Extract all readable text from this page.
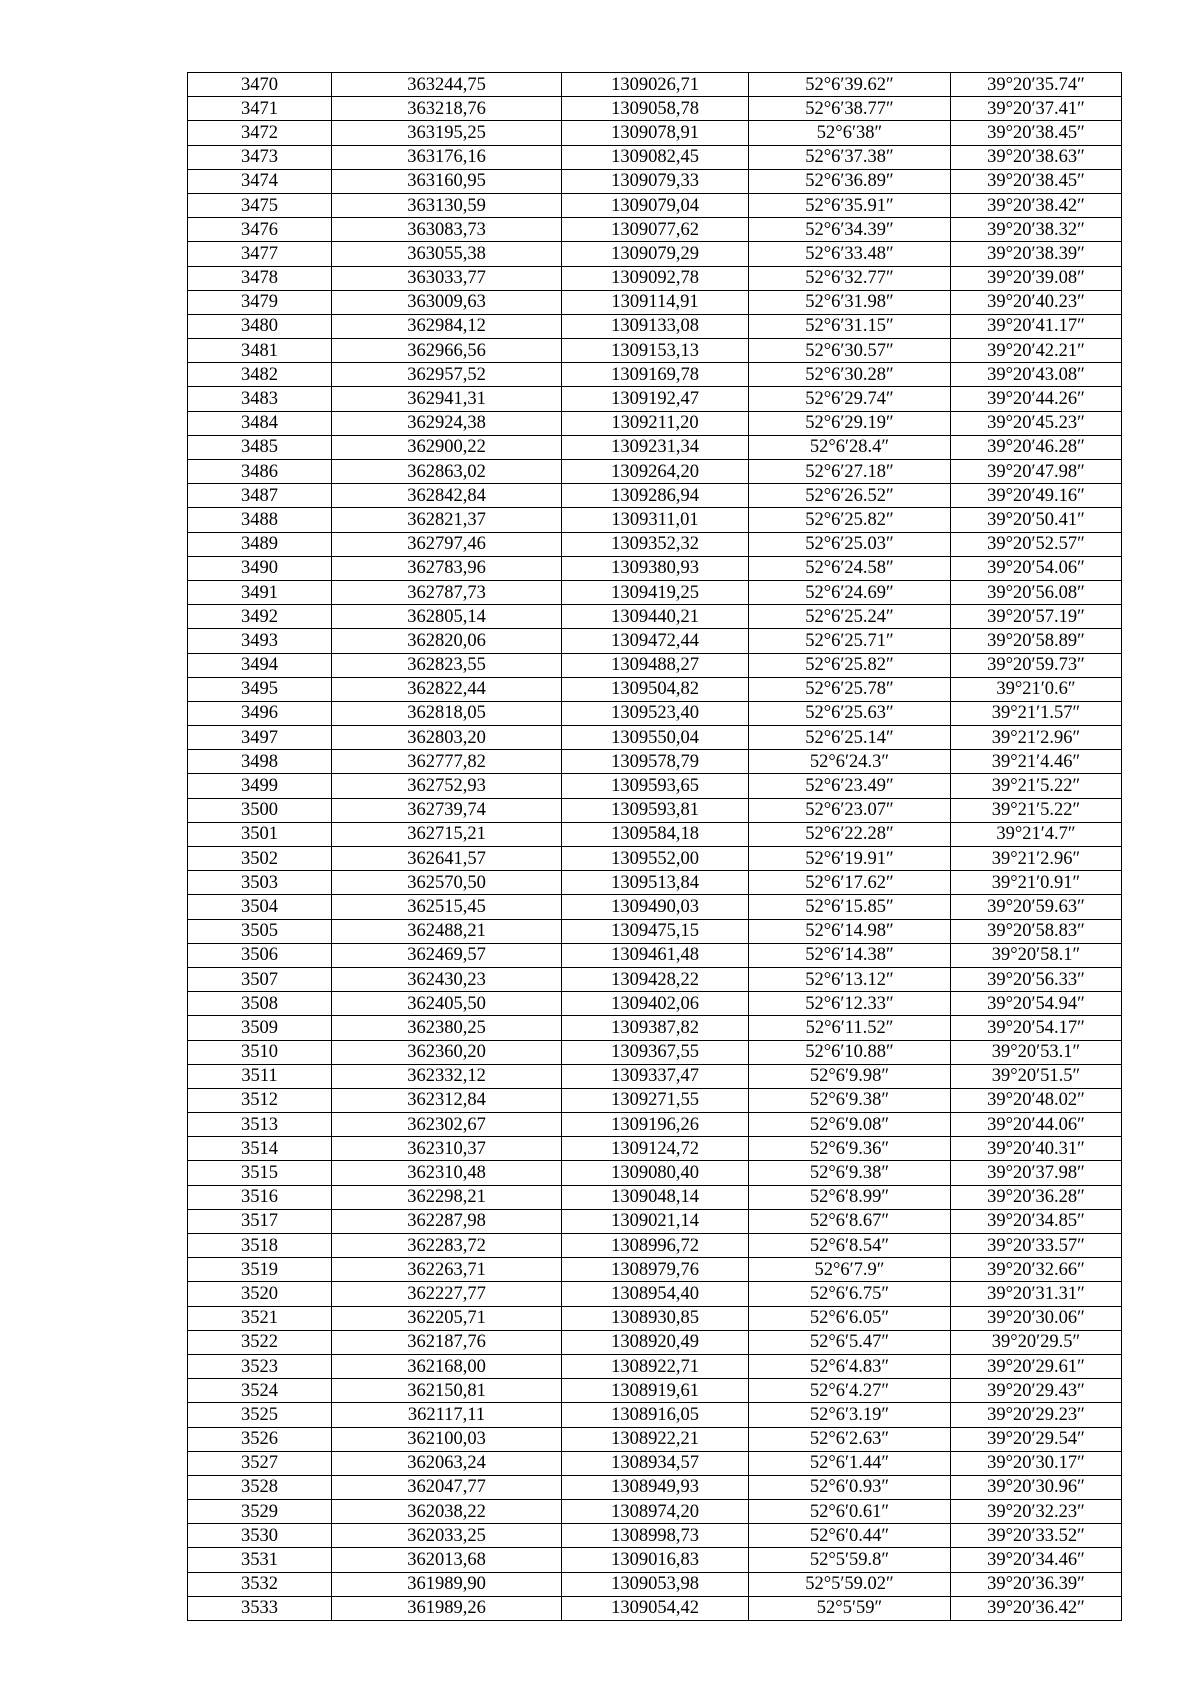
3470	363244,75	1309026,71	52°6′39.62″	39°20′35.74″
3471	363218,76	1309058,78	52°6′38.77″	39°20′37.41″
3472	363195,25	1309078,91	52°6′38″	39°20′38.45″
3473	363176,16	1309082,45	52°6′37.38″	39°20′38.63″
3474	363160,95	1309079,33	52°6′36.89″	39°20′38.45″
3475	363130,59	1309079,04	52°6′35.91″	39°20′38.42″
3476	363083,73	1309077,62	52°6′34.39″	39°20′38.32″
3477	363055,38	1309079,29	52°6′33.48″	39°20′38.39″
3478	363033,77	1309092,78	52°6′32.77″	39°20′39.08″
3479	363009,63	1309114,91	52°6′31.98″	39°20′40.23″
3480	362984,12	1309133,08	52°6′31.15″	39°20′41.17″
3481	362966,56	1309153,13	52°6′30.57″	39°20′42.21″
3482	362957,52	1309169,78	52°6′30.28″	39°20′43.08″
3483	362941,31	1309192,47	52°6′29.74″	39°20′44.26″
3484	362924,38	1309211,20	52°6′29.19″	39°20′45.23″
3485	362900,22	1309231,34	52°6′28.4″	39°20′46.28″
3486	362863,02	1309264,20	52°6′27.18″	39°20′47.98″
3487	362842,84	1309286,94	52°6′26.52″	39°20′49.16″
3488	362821,37	1309311,01	52°6′25.82″	39°20′50.41″
3489	362797,46	1309352,32	52°6′25.03″	39°20′52.57″
3490	362783,96	1309380,93	52°6′24.58″	39°20′54.06″
3491	362787,73	1309419,25	52°6′24.69″	39°20′56.08″
3492	362805,14	1309440,21	52°6′25.24″	39°20′57.19″
3493	362820,06	1309472,44	52°6′25.71″	39°20′58.89″
3494	362823,55	1309488,27	52°6′25.82″	39°20′59.73″
3495	362822,44	1309504,82	52°6′25.78″	39°21′0.6″
3496	362818,05	1309523,40	52°6′25.63″	39°21′1.57″
3497	362803,20	1309550,04	52°6′25.14″	39°21′2.96″
3498	362777,82	1309578,79	52°6′24.3″	39°21′4.46″
3499	362752,93	1309593,65	52°6′23.49″	39°21′5.22″
3500	362739,74	1309593,81	52°6′23.07″	39°21′5.22″
3501	362715,21	1309584,18	52°6′22.28″	39°21′4.7″
3502	362641,57	1309552,00	52°6′19.91″	39°21′2.96″
3503	362570,50	1309513,84	52°6′17.62″	39°21′0.91″
3504	362515,45	1309490,03	52°6′15.85″	39°20′59.63″
3505	362488,21	1309475,15	52°6′14.98″	39°20′58.83″
3506	362469,57	1309461,48	52°6′14.38″	39°20′58.1″
3507	362430,23	1309428,22	52°6′13.12″	39°20′56.33″
3508	362405,50	1309402,06	52°6′12.33″	39°20′54.94″
3509	362380,25	1309387,82	52°6′11.52″	39°20′54.17″
3510	362360,20	1309367,55	52°6′10.88″	39°20′53.1″
3511	362332,12	1309337,47	52°6′9.98″	39°20′51.5″
3512	362312,84	1309271,55	52°6′9.38″	39°20′48.02″
3513	362302,67	1309196,26	52°6′9.08″	39°20′44.06″
3514	362310,37	1309124,72	52°6′9.36″	39°20′40.31″
3515	362310,48	1309080,40	52°6′9.38″	39°20′37.98″
3516	362298,21	1309048,14	52°6′8.99″	39°20′36.28″
3517	362287,98	1309021,14	52°6′8.67″	39°20′34.85″
3518	362283,72	1308996,72	52°6′8.54″	39°20′33.57″
3519	362263,71	1308979,76	52°6′7.9″	39°20′32.66″
3520	362227,77	1308954,40	52°6′6.75″	39°20′31.31″
3521	362205,71	1308930,85	52°6′6.05″	39°20′30.06″
3522	362187,76	1308920,49	52°6′5.47″	39°20′29.5″
3523	362168,00	1308922,71	52°6′4.83″	39°20′29.61″
3524	362150,81	1308919,61	52°6′4.27″	39°20′29.43″
3525	362117,11	1308916,05	52°6′3.19″	39°20′29.23″
3526	362100,03	1308922,21	52°6′2.63″	39°20′29.54″
3527	362063,24	1308934,57	52°6′1.44″	39°20′30.17″
3528	362047,77	1308949,93	52°6′0.93″	39°20′30.96″
3529	362038,22	1308974,20	52°6′0.61″	39°20′32.23″
3530	362033,25	1308998,73	52°6′0.44″	39°20′33.52″
3531	362013,68	1309016,83	52°5′59.8″	39°20′34.46″
3532	361989,90	1309053,98	52°5′59.02″	39°20′36.39″
3533	361989,26	1309054,42	52°5′59″	39°20′36.42″
